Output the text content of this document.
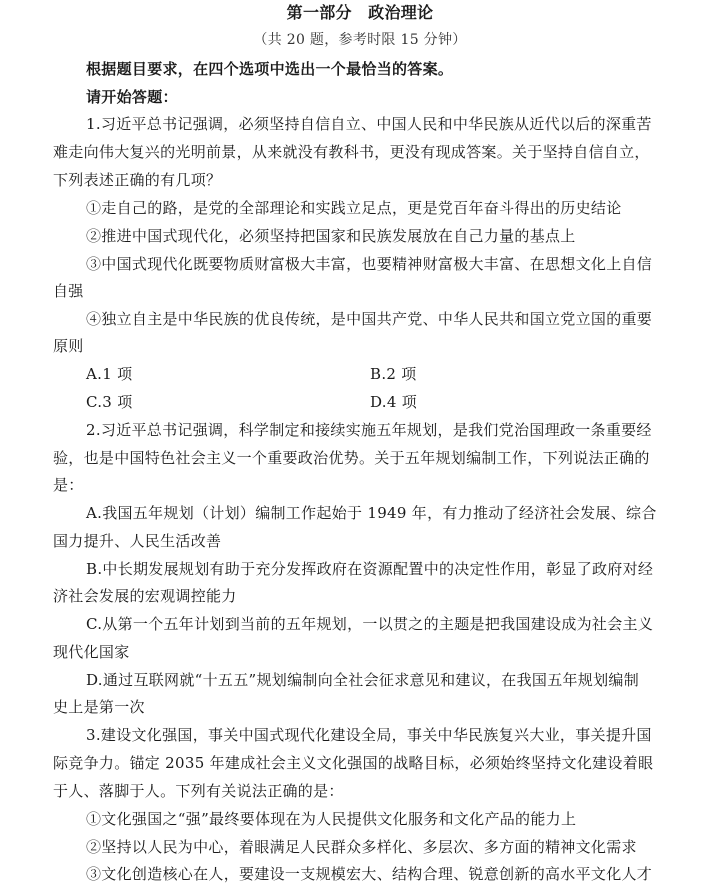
第一部分　政治理论
（共 20 题，参考时限 15 分钟）
根据题目要求，在四个选项中选出一个最恰当的答案。
请开始答题：
1.习近平总书记强调，必须坚持自信自立、中国人民和中华民族从近代以后的深重苦
难走向伟大复兴的光明前景，从来就没有教科书，更没有现成答案。关于坚持自信自立，
下列表述正确的有几项？
①走自己的路，是党的全部理论和实践立足点，更是党百年奋斗得出的历史结论
②推进中国式现代化，必须坚持把国家和民族发展放在自己力量的基点上
③中国式现代化既要物质财富极大丰富，也要精神财富极大丰富、在思想文化上自信
自强
④独立自主是中华民族的优良传统，是中国共产党、中华人民共和国立党立国的重要
原则
A.1 项	B.2 项
C.3 项	D.4 项
2.习近平总书记强调，科学制定和接续实施五年规划，是我们党治国理政一条重要经
验，也是中国特色社会主义一个重要政治优势。关于五年规划编制工作，下列说法正确的
是：
A.我国五年规划（计划）编制工作起始于 1949 年，有力推动了经济社会发展、综合
国力提升、人民生活改善
B.中长期发展规划有助于充分发挥政府在资源配置中的决定性作用，彰显了政府对经
济社会发展的宏观调控能力
C.从第一个五年计划到当前的五年规划，一以贯之的主题是把我国建设成为社会主义
现代化国家
D.通过互联网就“十五五”规划编制向全社会征求意见和建议，在我国五年规划编制
史上是第一次
3.建设文化强国，事关中国式现代化建设全局，事关中华民族复兴大业，事关提升国
际竞争力。锚定 2035 年建成社会主义文化强国的战略目标，必须始终坚持文化建设着眼
于人、落脚于人。下列有关说法正确的是：
①文化强国之“强”最终要体现在为人民提供文化服务和文化产品的能力上
②坚持以人民为中心，着眼满足人民群众多样化、多层次、多方面的精神文化需求
③文化创造核心在人，要建设一支规模宏大、结构合理、锐意创新的高水平文化人才
